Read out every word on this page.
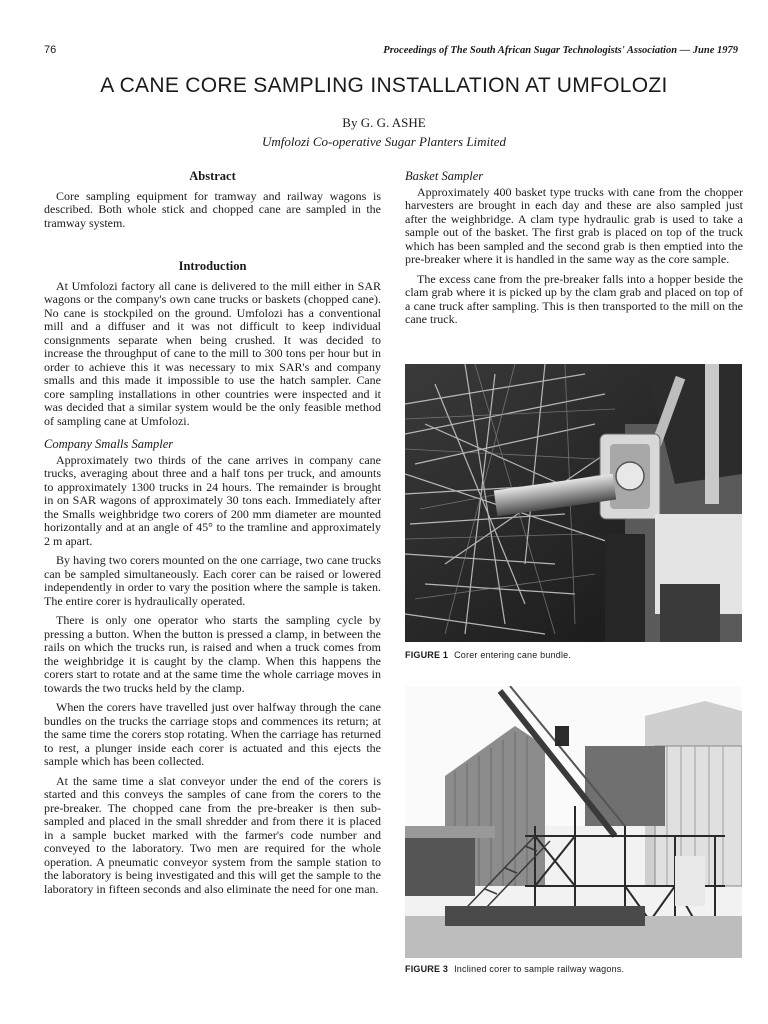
76	Proceedings of The South African Sugar Technologists' Association — June 1979
A CANE CORE SAMPLING INSTALLATION AT UMFOLOZI

By G. G. ASHE

Umfolozi Co-operative Sugar Planters Limited

Abstract

Core sampling equipment for tramway and railway wagons is described. Both whole stick and chopped cane are sampled in the tramway system.

Introduction

At Umfolozi factory all cane is delivered to the mill either in SAR wagons or the company's own cane trucks or baskets (chopped cane). No cane is stockpiled on the ground. Umfolozi has a conventional mill and a diffuser and it was not difficult to keep individual consignments separate when being crushed. It was decided to increase the throughput of cane to the mill to 300 tons per hour but in order to achieve this it was necessary to mix SAR's and company smalls and this made it impossible to use the hatch sampler. Cane core sampling installations in other countries were inspected and it was decided that a similar system would be the only feasible method of sampling cane at Umfolozi.

Company Smalls Sampler

Approximately two thirds of the cane arrives in company cane trucks, averaging about three and a half tons per truck, and amounts to approximately 1300 trucks in 24 hours. The remainder is brought in on SAR wagons of approximately 30 tons each. Immediately after the Smalls weighbridge two corers of 200 mm diameter are mounted horizontally and at an angle of 45° to the tramline and approximately 2 m apart.

By having two corers mounted on the one carriage, two cane trucks can be sampled simultaneously. Each corer can be raised or lowered independently in order to vary the position where the sample is taken. The entire corer is hydraulically operated.

There is only one operator who starts the sampling cycle by pressing a button. When the button is pressed a clamp, in between the rails on which the trucks run, is raised and when a truck comes from the weighbridge it is caught by the clamp. When this happens the corers start to rotate and at the same time the whole carriage moves in towards the two trucks held by the clamp.

When the corers have travelled just over halfway through the cane bundles on the trucks the carriage stops and commences its return; at the same time the corers stop rotating. When the carriage has returned to rest, a plunger inside each corer is actuated and this ejects the sample which has been collected.

At the same time a slat conveyor under the end of the corers is started and this conveys the samples of cane from the corers to the pre-breaker. The chopped cane from the pre-breaker is then sub-sampled and placed in the small shredder and from there it is placed in a sample bucket marked with the farmer's code number and conveyed to the laboratory. Two men are required for the whole operation. A pneumatic conveyor system from the sample station to the laboratory is being investigated and this will get the sample to the laboratory in fifteen seconds and also eliminate the need for one man.

Basket Sampler

Approximately 400 basket type trucks with cane from the chopper harvesters are brought in each day and these are also sampled just after the weighbridge. A clam type hydraulic grab is used to take a sample out of the basket. The first grab is placed on top of the truck which has been sampled and the second grab is then emptied into the pre-breaker where it is handled in the same way as the core sample.

The excess cane from the pre-breaker falls into a hopper beside the clam grab where it is picked up by the clam grab and placed on top of a cane truck after sampling. This is then transported to the mill on the cane truck.

FIGURE 1 Corer entering cane bundle.
FIGURE 3 Inclined corer to sample railway wagons.
